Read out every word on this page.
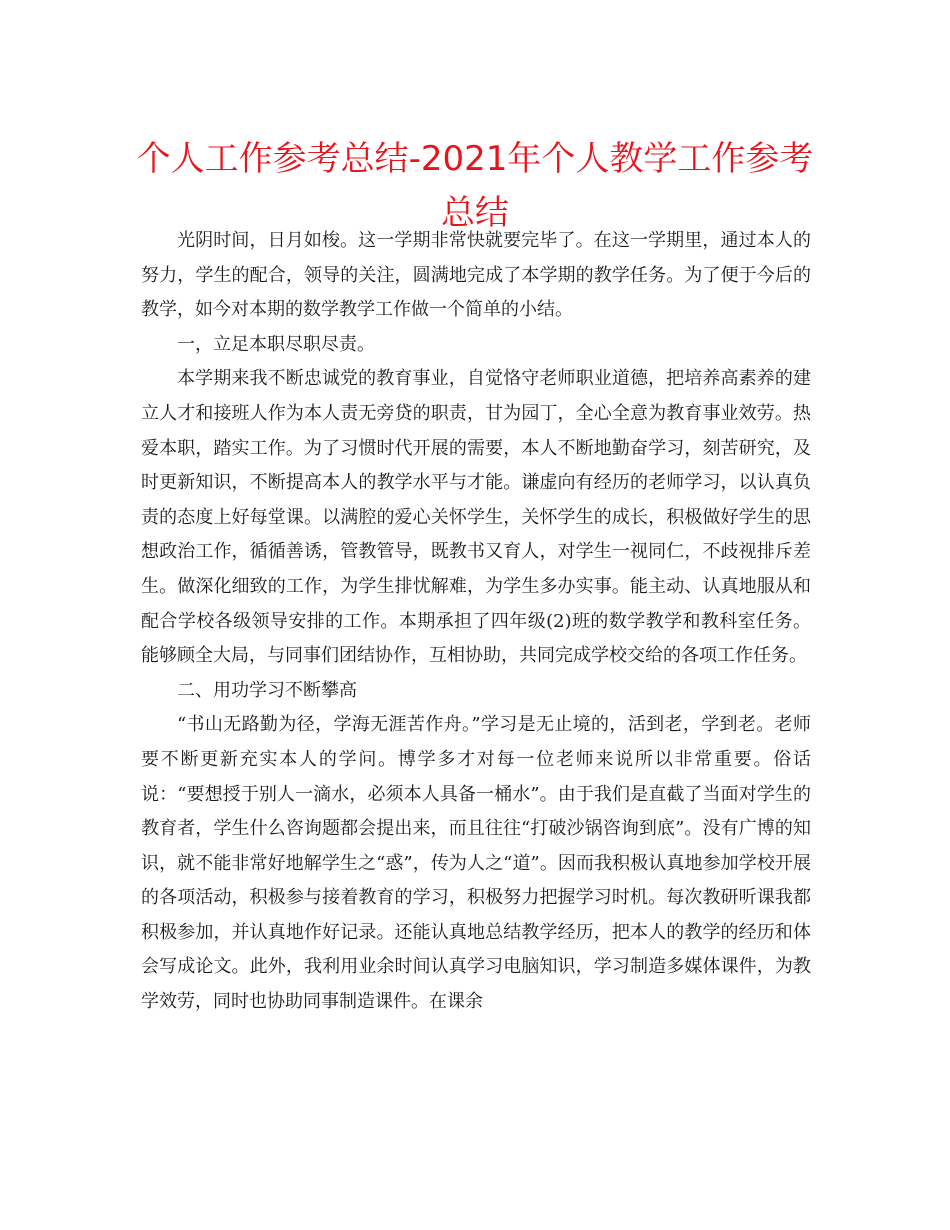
个人工作参考总结-2021年个人教学工作参考总结

光阴时间，日月如梭。这一学期非常快就要完毕了。在这一学期里，通过本人的努力，学生的配合，领导的关注，圆满地完成了本学期的教学任务。为了便于今后的教学，如今对本期的数学教学工作做一个简单的小结。

一，立足本职尽职尽责。

本学期来我不断忠诚党的教育事业，自觉恪守老师职业道德，把培养高素养的建立人才和接班人作为本人责无旁贷的职责，甘为园丁，全心全意为教育事业效劳。热爱本职，踏实工作。为了习惯时代开展的需要，本人不断地勤奋学习，刻苦研究，及时更新知识，不断提高本人的教学水平与才能。谦虚向有经历的老师学习，以认真负责的态度上好每堂课。以满腔的爱心关怀学生，关怀学生的成长，积极做好学生的思想政治工作，循循善诱，管教管导，既教书又育人，对学生一视同仁，不歧视排斥差生。做深化细致的工作，为学生排忧解难，为学生多办实事。能主动、认真地服从和配合学校各级领导安排的工作。本期承担了四年级(2)班的数学教学和教科室任务。能够顾全大局，与同事们团结协作，互相协助，共同完成学校交给的各项工作任务。

二、用功学习不断攀高

“书山无路勤为径，学海无涯苦作舟。”学习是无止境的，活到老，学到老。老师要不断更新充实本人的学问。博学多才对每一位老师来说所以非常重要。俗话说：“要想授于别人一滴水，必须本人具备一桶水”。由于我们是直截了当面对学生的教育者，学生什么咨询题都会提出来，而且往往“打破沙锅咨询到底”。没有广博的知识，就不能非常好地解学生之“惑”，传为人之“道”。因而我积极认真地参加学校开展的各项活动，积极参与接着教育的学习，积极努力把握学习时机。每次教研听课我都积极参加，并认真地作好记录。还能认真地总结教学经历，把本人的教学的经历和体会写成论文。此外，我利用业余时间认真学习电脑知识，学习制造多媒体课件，为教学效劳，同时也协助同事制造课件。在课余
